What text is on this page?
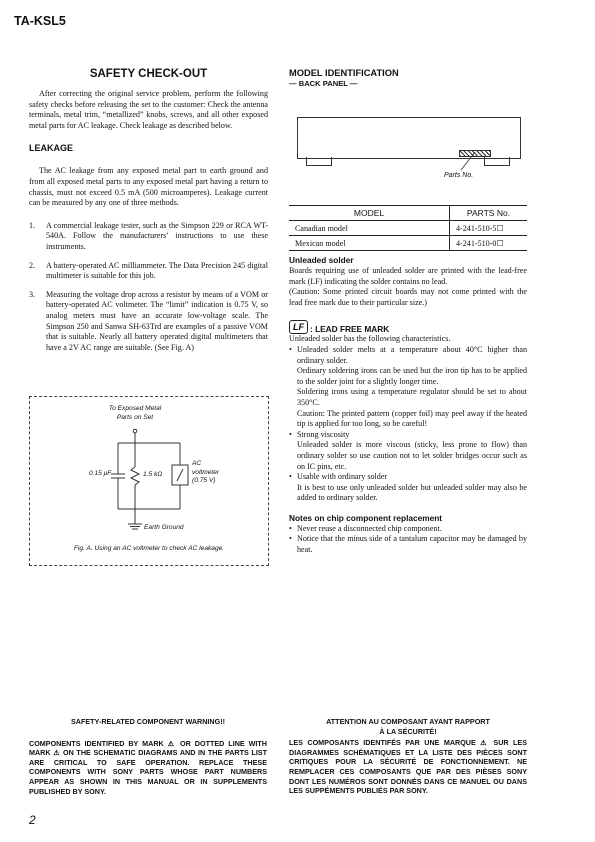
TA-KSL5
SAFETY CHECK-OUT
After correcting the original service problem, perform the following safety checks before releasing the set to the customer: Check the antenna terminals, metal trim, “metallized” knobs, screws, and all other exposed metal parts for AC leakage. Check leakage as described below.
LEAKAGE
The AC leakage from any exposed metal part to earth ground and from all exposed metal parts to any exposed metal part having a return to chassis, must not exceed 0.5 mA (500 microamperes). Leakage current can be measured by any one of three methods.
1. A commercial leakage tester, such as the Simpson 229 or RCA WT-540A. Follow the manufacturers’ instructions to use these instruments.
2. A battery-operated AC milliammeter. The Data Precision 245 digital multimeter is suitable for this job.
3. Measuring the voltage drop across a resistor by means of a VOM or battery-operated AC voltmeter. The “limit” indication is 0.75 V, so analog meters must have an accurate low-voltage scale. The Simpson 250 and Sanwa SH-63Trd are examples of a passive VOM that is suitable. Nearly all battery operated digital multimeters that have a 2V AC range are suitable. (See Fig. A)
To Exposed Metal
Parts on Set
0.15 μF	1.5 kΩ
AC
voltmeter
(0.75 V)
Earth Ground
Fig. A. Using an AC voltmeter to check AC leakage.
MODEL IDENTIFICATION
— BACK PANEL —
Parts No.
MODEL	PARTS No.
Canadian model	4-241-510-5☐
Mexican model	4-241-510-0☐
Unleaded solder
Boards requiring use of unleaded solder are printed with the lead-free mark (LF) indicating the solder contains no lead.
(Caution: Some printed circuit boards may not come printed with the lead free mark due to their particular size.)
LF : LEAD FREE MARK
Unleaded solder has the following characteristics.
• Unleaded solder melts at a temperature about 40°C higher than ordinary solder.
Ordinary soldering irons can be used but the iron tip has to be applied to the solder joint for a slightly longer time.
Soldering irons using a temperature regulator should be set to about 350°C.
Caution: The printed pattern (copper foil) may peel away if the heated tip is applied for too long, so be careful!
• Strong viscosity
Unleaded solder is more viscous (sticky, less prone to flow) than ordinary solder so use caution not to let solder bridges occur such as on IC pins, etc.
• Usable with ordinary solder
It is best to use only unleaded solder but unleaded solder may also be added to ordinary solder.
Notes on chip component replacement
• Never reuse a disconnected chip component.
• Notice that the minus side of a tantalum capacitor may be damaged by heat.
SAFETY-RELATED COMPONENT WARNING!!
COMPONENTS IDENTIFIED BY MARK ⚠ OR DOTTED LINE WITH MARK ⚠ ON THE SCHEMATIC DIAGRAMS AND IN THE PARTS LIST ARE CRITICAL TO SAFE OPERATION. REPLACE THESE COMPONENTS WITH SONY PARTS WHOSE PART NUMBERS APPEAR AS SHOWN IN THIS MANUAL OR IN SUPPLEMENTS PUBLISHED BY SONY.
ATTENTION AU COMPOSANT AYANT RAPPORT
À LA SÉCURITÉ!
LES COMPOSANTS IDENTIFÉS PAR UNE MARQUE ⚠ SUR LES DIAGRAMMES SCHÉMATIQUES ET LA LISTE DES PIÈCES SONT CRITIQUES POUR LA SÉCURITÉ DE FONCTIONNEMENT. NE REMPLACER CES COMPOSANTS QUE PAR DES PIÈSES SONY DONT LES NUMÉROS SONT DONNÉS DANS CE MANUEL OU DANS LES SUPPÉMENTS PUBLIÉS PAR SONY.
2
